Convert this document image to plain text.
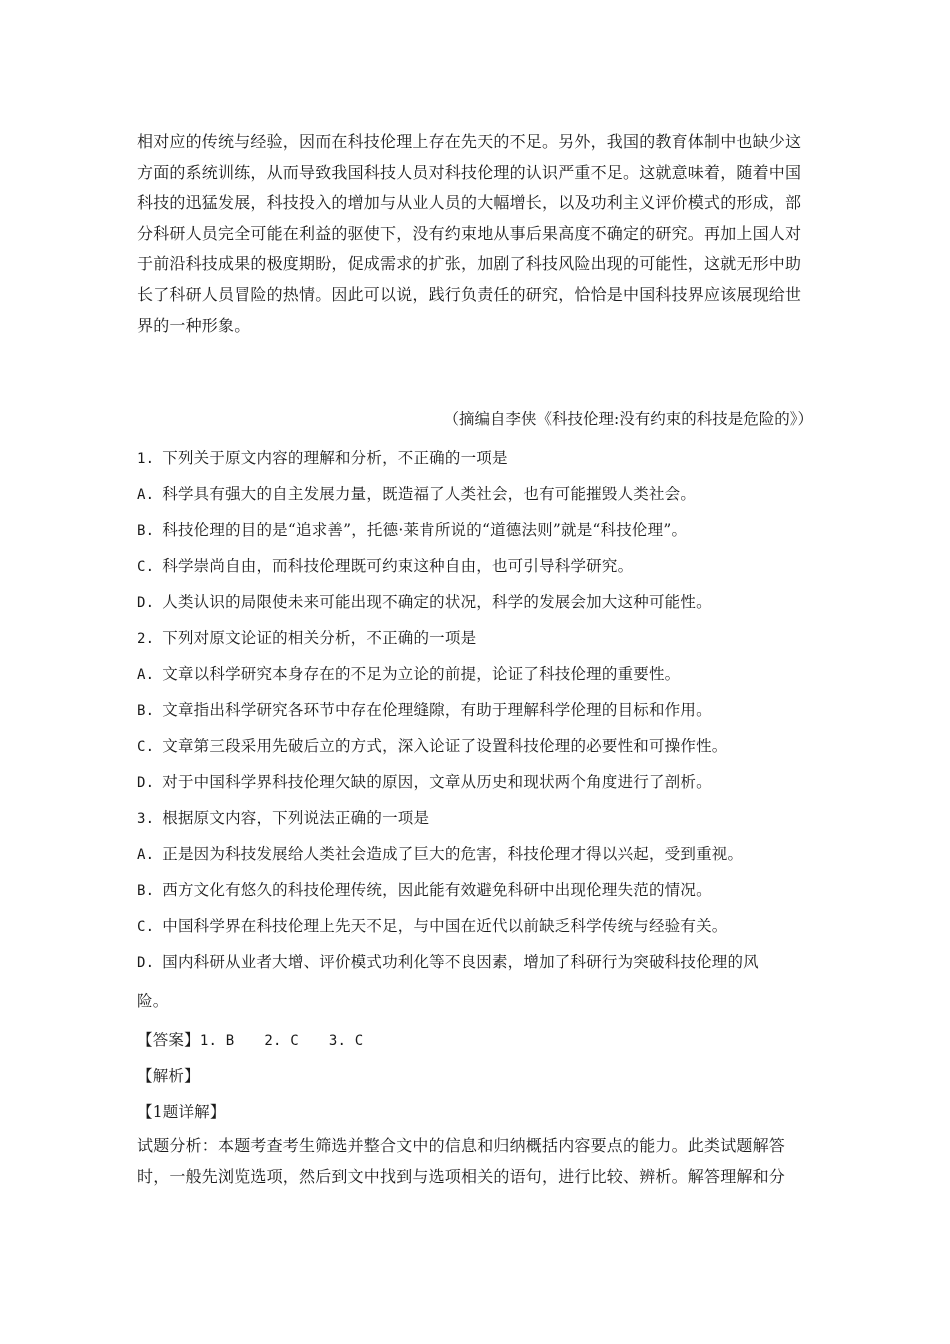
相对应的传统与经验，因而在科技伦理上存在先天的不足。另外，我国的教育体制中也缺少这方面的系统训练，从而导致我国科技人员对科技伦理的认识严重不足。这就意味着，随着中国科技的迅猛发展，科技投入的增加与从业人员的大幅增长，以及功利主义评价模式的形成，部分科研人员完全可能在利益的驱使下，没有约束地从事后果高度不确定的研究。再加上国人对于前沿科技成果的极度期盼，促成需求的扩张，加剧了科技风险出现的可能性，这就无形中助长了科研人员冒险的热情。因此可以说，践行负责任的研究，恰恰是中国科技界应该展现给世界的一种形象。
（摘编自李侠《科技伦理:没有约束的科技是危险的》）
1. 下列关于原文内容的理解和分析，不正确的一项是
A. 科学具有强大的自主发展力量，既造福了人类社会，也有可能摧毁人类社会。
B. 科技伦理的目的是“追求善”，托德·莱肯所说的“道德法则”就是“科技伦理”。
C. 科学崇尚自由，而科技伦理既可约束这种自由，也可引导科学研究。
D. 人类认识的局限使未来可能出现不确定的状况，科学的发展会加大这种可能性。
2. 下列对原文论证的相关分析，不正确的一项是
A. 文章以科学研究本身存在的不足为立论的前提，论证了科技伦理的重要性。
B. 文章指出科学研究各环节中存在伦理缝隙，有助于理解科学伦理的目标和作用。
C. 文章第三段采用先破后立的方式，深入论证了设置科技伦理的必要性和可操作性。
D. 对于中国科学界科技伦理欠缺的原因，文章从历史和现状两个角度进行了剖析。
3. 根据原文内容，下列说法正确的一项是
A. 正是因为科技发展给人类社会造成了巨大的危害，科技伦理才得以兴起，受到重视。
B. 西方文化有悠久的科技伦理传统，因此能有效避免科研中出现伦理失范的情况。
C. 中国科学界在科技伦理上先天不足，与中国在近代以前缺乏科学传统与经验有关。
D. 国内科研从业者大增、评价模式功利化等不良因素，增加了科研行为突破科技伦理的风
险。
【答案】1. B 2. C 3. C
【解析】
【1题详解】
试题分析：本题考查考生筛选并整合文中的信息和归纳概括内容要点的能力。此类试题解答时，一般先浏览选项，然后到文中找到与选项相关的语句，进行比较、辨析。解答理解和分
